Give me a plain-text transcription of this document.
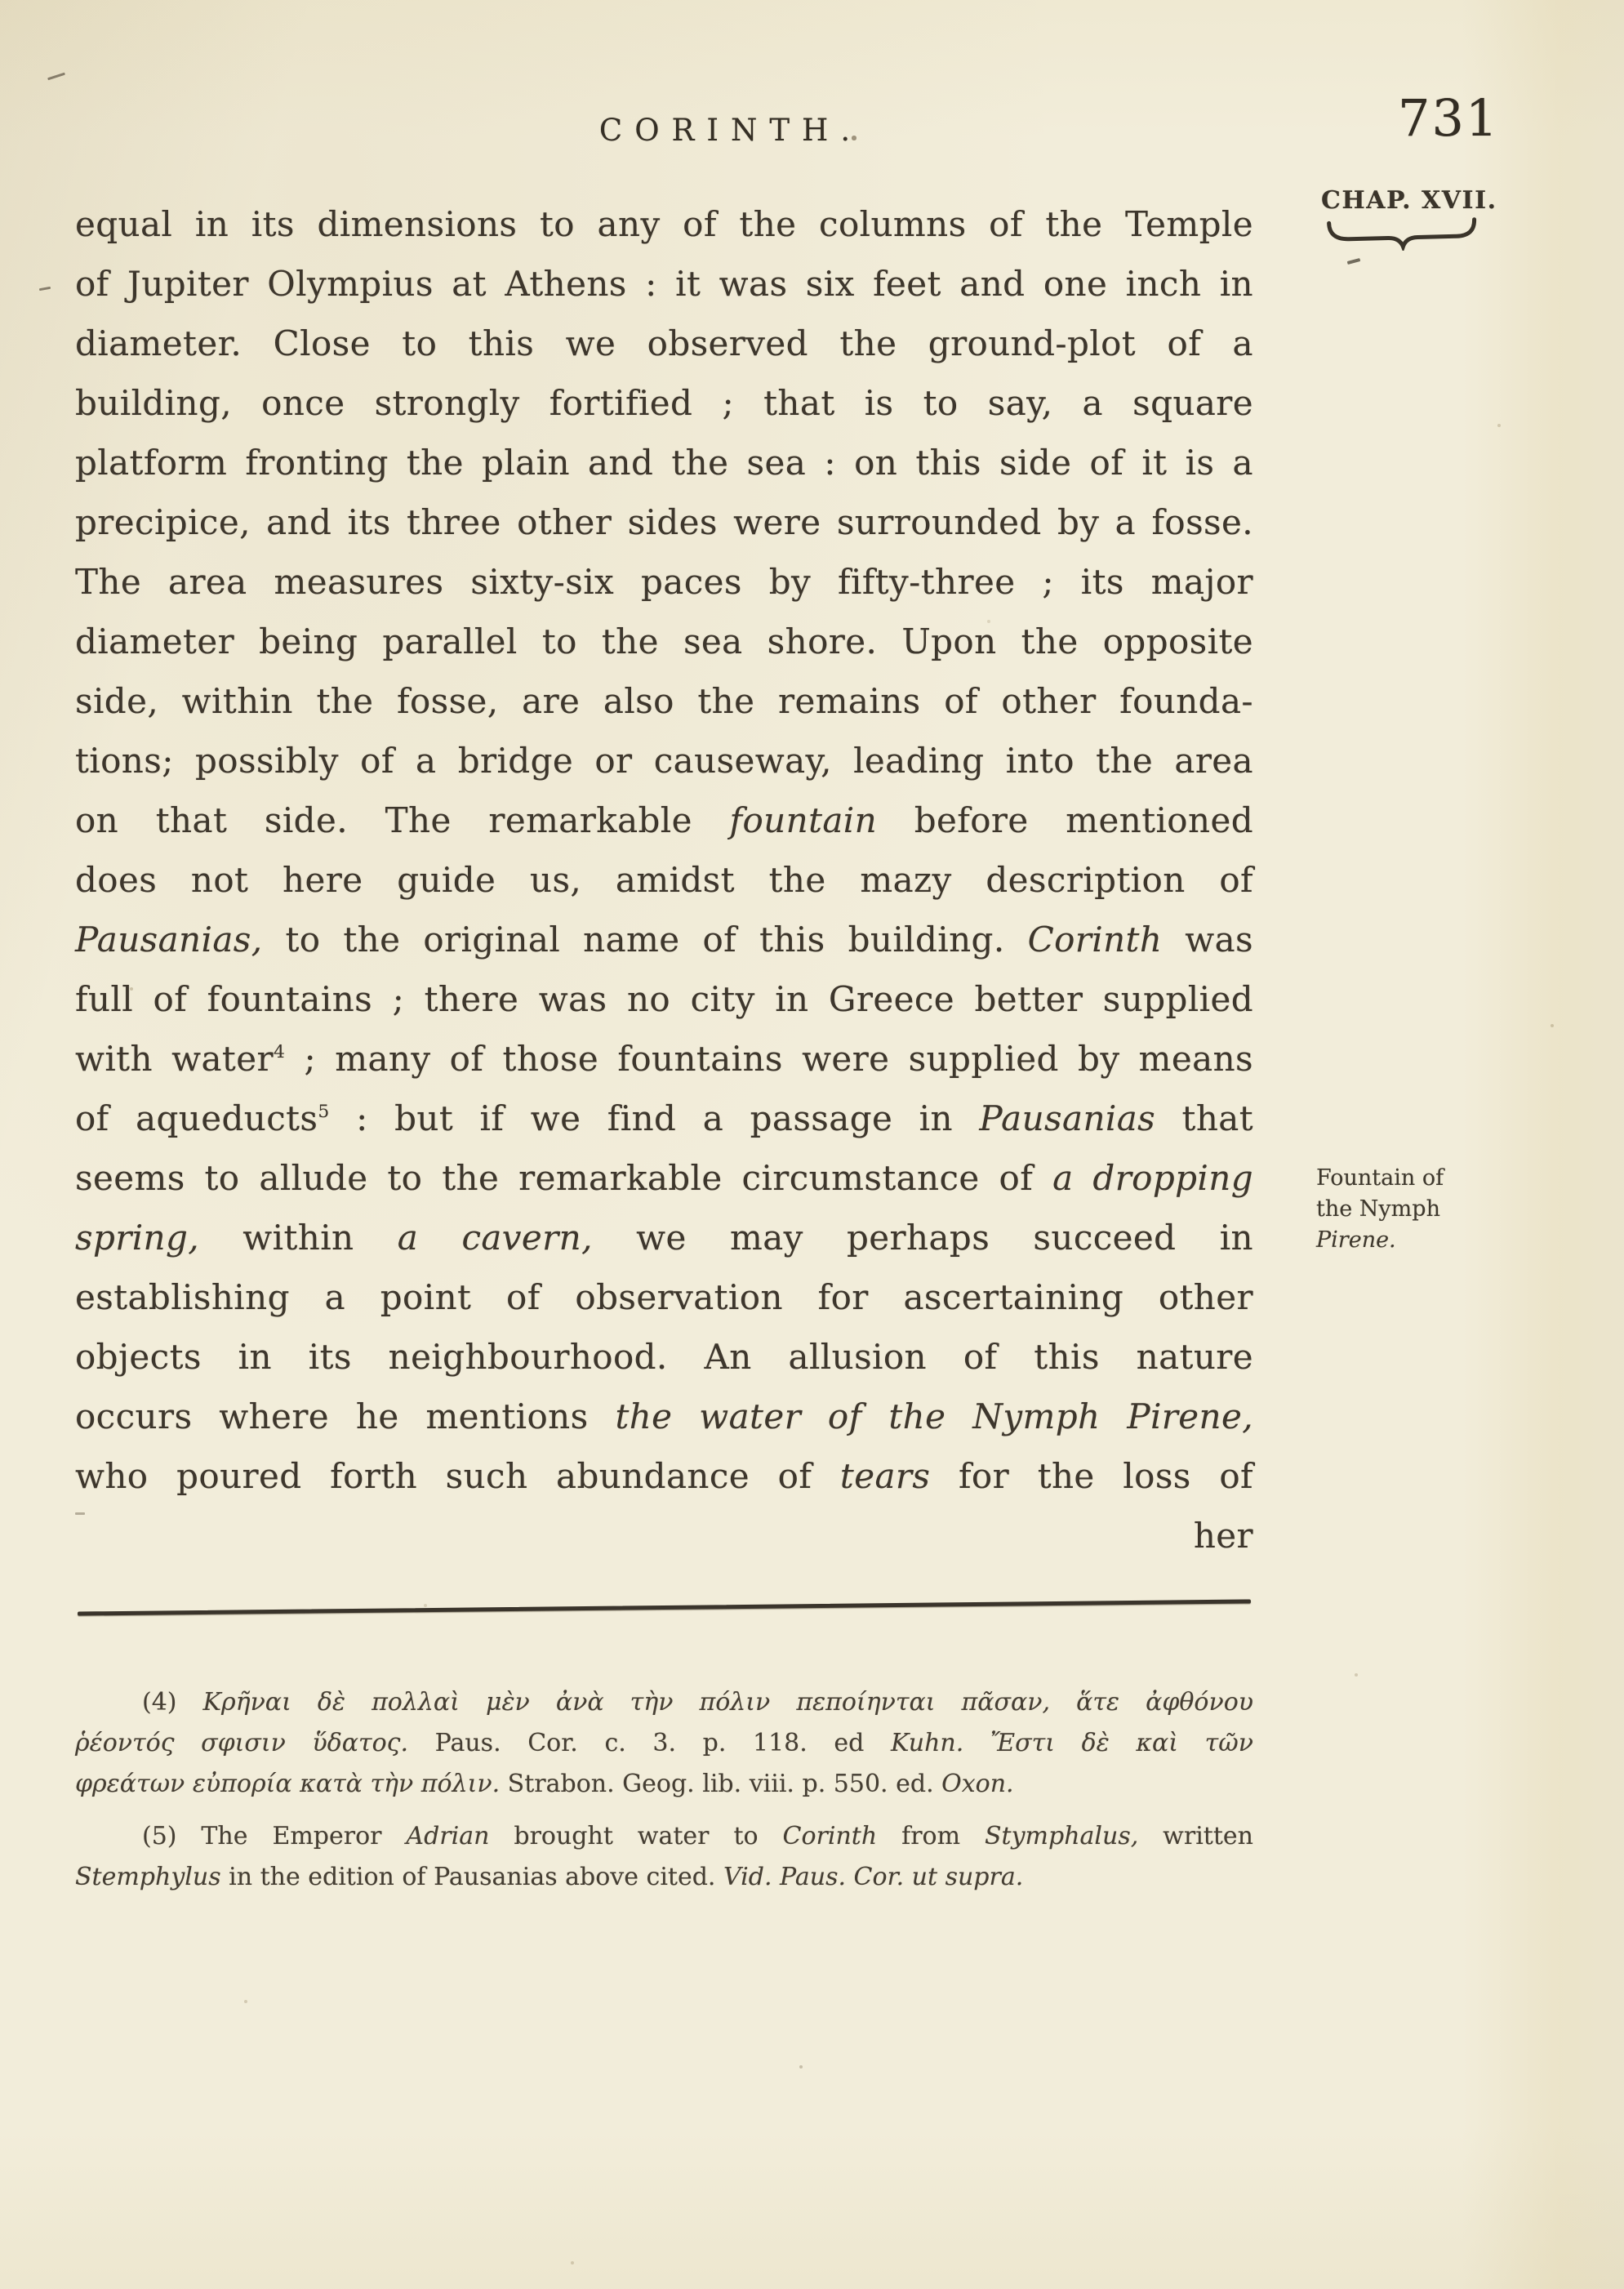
CORINTH.	731
CHAP. XVII.
equal in its dimensions to any of the columns of the Temple
of Jupiter Olympius at Athens : it was six feet and one inch in
diameter. Close to this we observed the ground-plot of a
building, once strongly fortified ; that is to say, a square
platform fronting the plain and the sea : on this side of it is a
precipice, and its three other sides were surrounded by a fosse.
The area measures sixty-six paces by fifty-three ; its major
diameter being parallel to the sea shore. Upon the opposite
side, within the fosse, are also the remains of other founda-
tions; possibly of a bridge or causeway, leading into the area
on that side. The remarkable fountain before mentioned
does not here guide us, amidst the mazy description of
Pausanias, to the original name of this building. Corinth was
full of fountains ; there was no city in Greece better supplied
with water$^4$ ; many of those fountains were supplied by means
of aqueducts$^5$ : but if we find a passage in Pausanias that
seems to allude to the remarkable circumstance of a dropping
spring, within a cavern, we may perhaps succeed in
establishing a point of observation for ascertaining other
objects in its neighbourhood. An allusion of this nature
occurs where he mentions the water of the Nymph Pirene,
who poured forth such abundance of tears for the loss of
her
Fountain of
the Nymph
Pirene.
(4) Κρῆναι δὲ πολλαὶ μὲν ἀνὰ τὴν πόλιν πεποίηνται πᾶσαν, ἅτε ἀφθόνου
ῥέοντός σφισιν ὕδατος. Paus. Cor. c. 3. p. 118. ed Kuhn. Ἔστι δὲ καὶ τῶν
φρεάτων εὐπορία κατὰ τὴν πόλιν. Strabon. Geog. lib. viii. p. 550. ed. Oxon.
(5) The Emperor Adrian brought water to Corinth from Stymphalus, written
Stemphylus in the edition of Pausanias above cited. Vid. Paus. Cor. ut supra.
